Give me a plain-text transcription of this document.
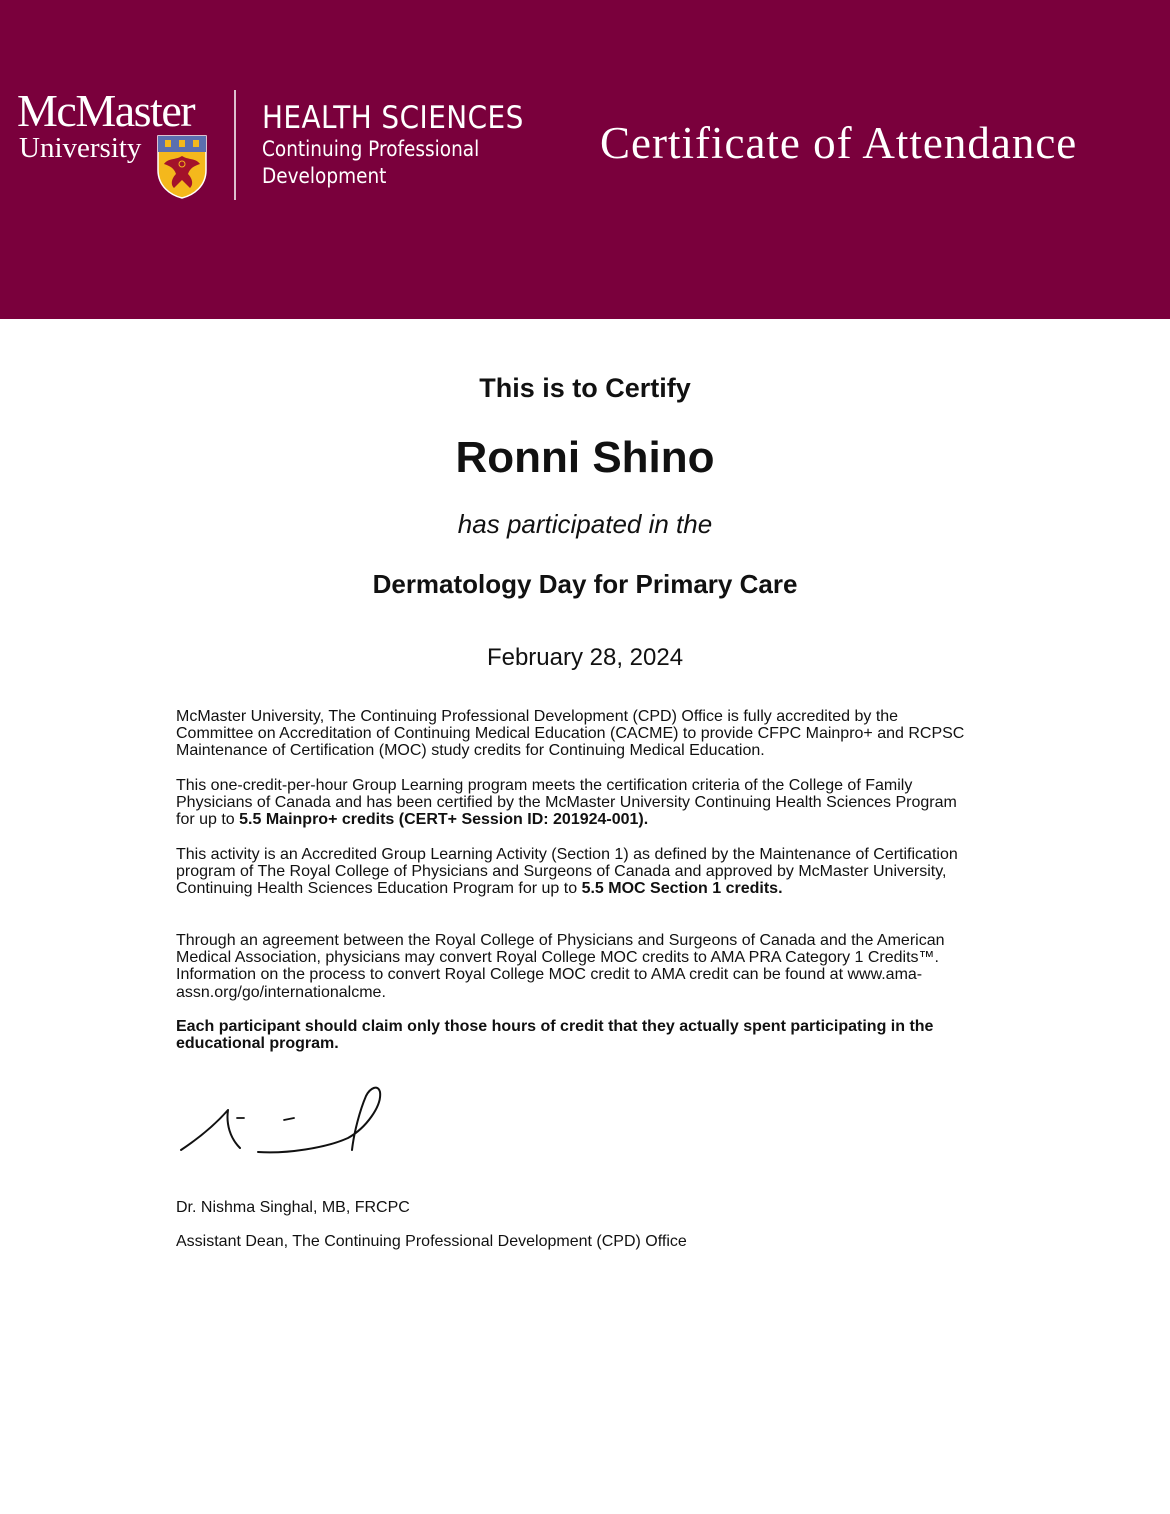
McMaster
University
HEALTH SCIENCES
Continuing Professional
Development
Certificate of Attendance
This is to Certify
Ronni Shino
has participated in the
Dermatology Day for Primary Care
February 28, 2024
McMaster University, The Continuing Professional Development (CPD) Office is fully accredited by the Committee on Accreditation of Continuing Medical Education (CACME) to provide CFPC Mainpro+ and RCPSC Maintenance of Certification (MOC) study credits for Continuing Medical Education.
This one-credit-per-hour Group Learning program meets the certification criteria of the College of Family Physicians of Canada and has been certified by the McMaster University Continuing Health Sciences Program for up to 5.5 Mainpro+ credits (CERT+ Session ID: 201924-001).
This activity is an Accredited Group Learning Activity (Section 1) as defined by the Maintenance of Certification program of The Royal College of Physicians and Surgeons of Canada and approved by McMaster University, Continuing Health Sciences Education Program for up to 5.5 MOC Section 1 credits.
Through an agreement between the Royal College of Physicians and Surgeons of Canada and the American Medical Association, physicians may convert Royal College MOC credits to AMA PRA Category 1 Credits™. Information on the process to convert Royal College MOC credit to AMA credit can be found at www.ama-assn.org/go/internationalcme.
Each participant should claim only those hours of credit that they actually spent participating in the educational program.
Dr. Nishma Singhal, MB, FRCPC
Assistant Dean, The Continuing Professional Development (CPD) Office
